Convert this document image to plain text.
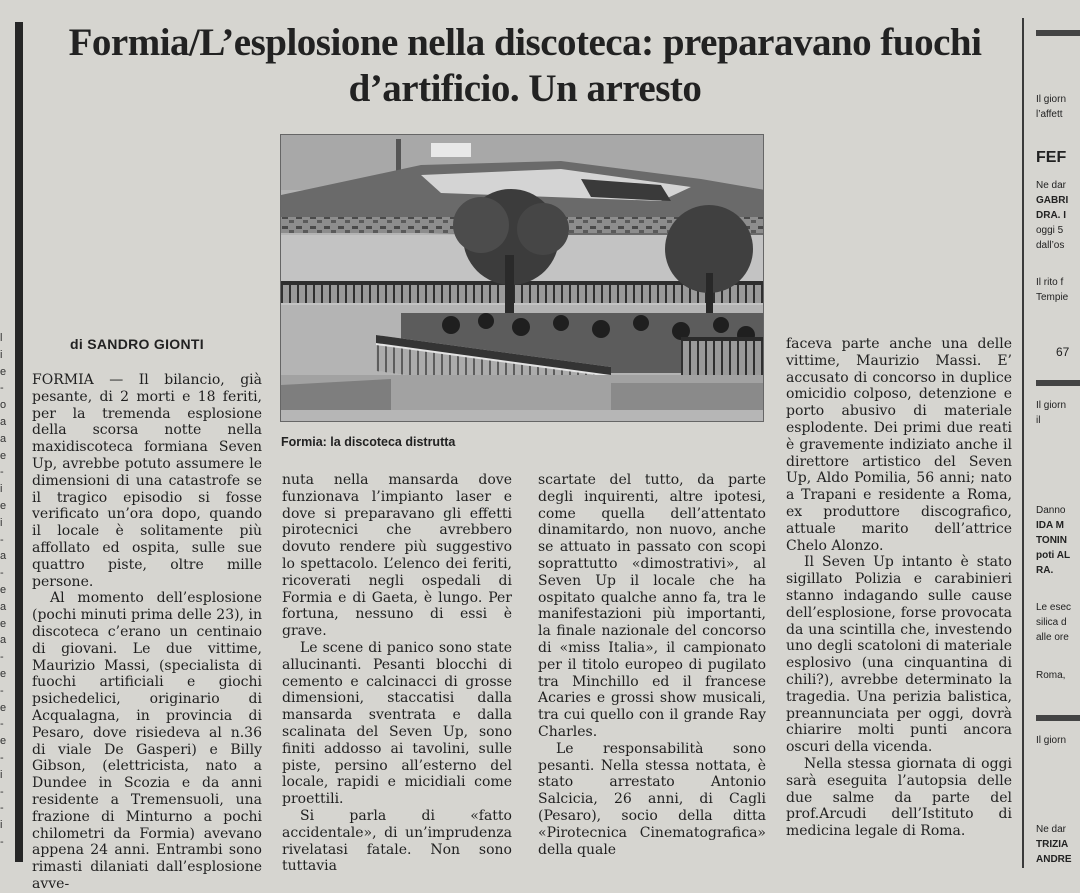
l
i
e
-
o
a
a
e
-
i
e
i
-
a
-
e
a
e
a
-
e
-
e
-
e
-
i
-
-
i
-
Formia/L’esplosione nella discoteca: preparavano fuochi d’artificio. Un arresto
Formia: la discoteca distrutta
di SANDRO GIONTI

FORMIA — Il bilancio, già pesante, di 2 morti e 18 feriti, per la tremenda esplosione della scorsa notte nella maxidiscoteca formiana Seven Up, avrebbe potuto assumere le dimensioni di una catastrofe se il tragico episodio si fosse verificato un’ora dopo, quando il locale è solitamente più affollato ed ospita, sulle sue quattro piste, oltre mille persone.

Al momento dell’esplosione (pochi minuti prima delle 23), in discoteca c’erano un centinaio di giovani. Le due vittime, Maurizio Massi, (specialista di fuochi artificiali e giochi psichedelici, originario di Acqualagna, in provincia di Pesaro, dove risiedeva al n.36 di viale De Gasperi) e Billy Gibson, (elettricista, nato a Dundee in Scozia e da anni residente a Tremensuoli, una frazione di Minturno a pochi chilometri da Formia) avevano appena 24 anni. Entrambi sono rimasti dilaniati dall’esplosione avve-

nuta nella mansarda dove funzionava l’impianto laser e dove si preparavano gli effetti pirotecnici che avrebbero dovuto rendere più suggestivo lo spettacolo. L’elenco dei feriti, ricoverati negli ospedali di Formia e di Gaeta, è lungo. Per fortuna, nessuno di essi è grave.

Le scene di panico sono state allucinanti. Pesanti blocchi di cemento e calcinacci di grosse dimensioni, staccatisi dalla mansarda sventrata e dalla scalinata del Seven Up, sono finiti addosso ai tavolini, sulle piste, persino all’esterno del locale, rapidi e micidiali come proettili.

Si parla di «fatto accidentale», di un’imprudenza rivelatasi fatale. Non sono tuttavia

scartate del tutto, da parte degli inquirenti, altre ipotesi, come quella dell’attentato dinamitardo, non nuovo, anche se attuato in passato con scopi soprattutto «dimostrativi», al Seven Up il locale che ha ospitato qualche anno fa, tra le manifestazioni più importanti, la finale nazionale del concorso di «miss Italia», il campionato per il titolo europeo di pugilato tra Minchillo ed il francese Acaries e grossi show musicali, tra cui quello con il grande Ray Charles.

Le responsabilità sono pesanti. Nella stessa nottata, è stato arrestato Antonio Salcicia, 26 anni, di Cagli (Pesaro), socio della ditta «Pirotecnica Cinematografica» della quale

faceva parte anche una delle vittime, Maurizio Massi. E’ accusato di concorso in duplice omicidio colposo, detenzione e porto abusivo di materiale esplodente. Dei primi due reati è gravemente indiziato anche il direttore artistico del Seven Up, Aldo Pomilia, 56 anni; nato a Trapani e residente a Roma, ex produttore discografico, attuale marito dell’attrice Chelo Alonzo.

Il Seven Up intanto è stato sigillato Polizia e carabinieri stanno indagando sulle cause dell’esplosione, forse provocata da una scintilla che, investendo uno degli scatoloni di materiale esplosivo (una cinquantina di chili?), avrebbe determinato la tragedia. Una perizia balistica, preannunciata per oggi, dovrà chiarire molti punti ancora oscuri della vicenda.

Nella stessa giornata di oggi sarà eseguita l’autopsia delle due salme da parte del prof.Arcudi dell’Istituto di medicina legale di Roma.

Il giorn
l’affett
FEF
Ne dar
GABRI
DRA. I
oggi 5
dall’os
Il rito f
Tempie
67
Il giorn
il
Danno
IDA M
TONIN
poti AL
RA.
Le esec
silica d
alle ore
Roma,
Il giorn
Ne dar
TRIZIA
ANDRE
